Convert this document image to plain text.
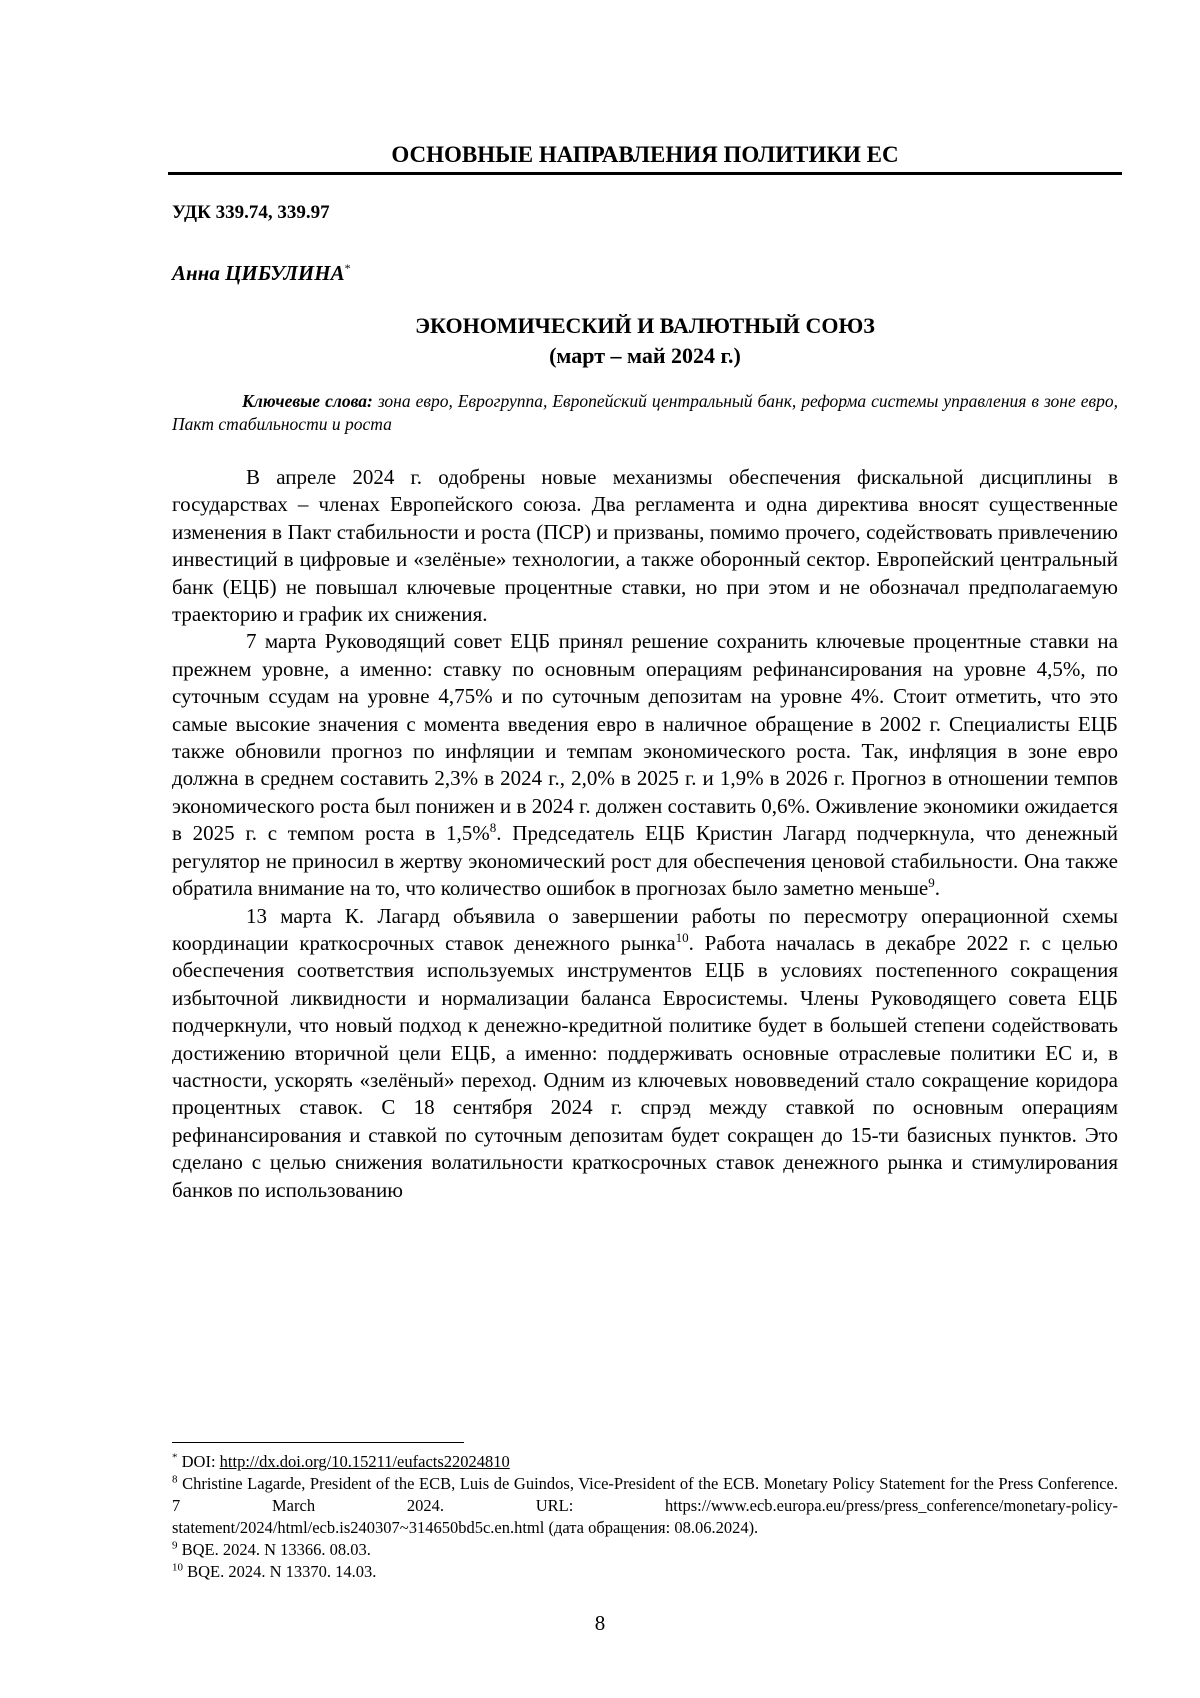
ОСНОВНЫЕ НАПРАВЛЕНИЯ ПОЛИТИКИ ЕС
УДК 339.74, 339.97
Анна ЦИБУЛИНА*
ЭКОНОМИЧЕСКИЙ И ВАЛЮТНЫЙ СОЮЗ
(март – май 2024 г.)
Ключевые слова: зона евро, Еврогруппа, Европейский центральный банк, реформа системы управления в зоне евро, Пакт стабильности и роста

В апреле 2024 г. одобрены новые механизмы обеспечения фискальной дисциплины в государствах – членах Европейского союза. Два регламента и одна директива вносят существенные изменения в Пакт стабильности и роста (ПСР) и призваны, помимо прочего, содействовать привлечению инвестиций в цифровые и «зелёные» технологии, а также оборонный сектор. Европейский центральный банк (ЕЦБ) не повышал ключевые процентные ставки, но при этом и не обозначал предполагаемую траекторию и график их снижения.

7 марта Руководящий совет ЕЦБ принял решение сохранить ключевые процентные ставки на прежнем уровне, а именно: ставку по основным операциям рефинансирования на уровне 4,5%, по суточным ссудам на уровне 4,75% и по суточным депозитам на уровне 4%. Стоит отметить, что это самые высокие значения с момента введения евро в наличное обращение в 2002 г. Специалисты ЕЦБ также обновили прогноз по инфляции и темпам экономического роста. Так, инфляция в зоне евро должна в среднем составить 2,3% в 2024 г., 2,0% в 2025 г. и 1,9% в 2026 г. Прогноз в отношении темпов экономического роста был понижен и в 2024 г. должен составить 0,6%. Оживление экономики ожидается в 2025 г. с темпом роста в 1,5%$^8$. Председатель ЕЦБ Кристин Лагард подчеркнула, что денежный регулятор не приносил в жертву экономический рост для обеспечения ценовой стабильности. Она также обратила внимание на то, что количество ошибок в прогнозах было заметно меньше$^9$.

13 марта К. Лагард объявила о завершении работы по пересмотру операционной схемы координации краткосрочных ставок денежного рынка$^{10}$. Работа началась в декабре 2022 г. с целью обеспечения соответствия используемых инструментов ЕЦБ в условиях постепенного сокращения избыточной ликвидности и нормализации баланса Евросистемы. Члены Руководящего совета ЕЦБ подчеркнули, что новый подход к денежно-кредитной политике будет в большей степени содействовать достижению вторичной цели ЕЦБ, а именно: поддерживать основные отраслевые политики ЕС и, в частности, ускорять «зелёный» переход. Одним из ключевых нововведений стало сокращение коридора процентных ставок. С 18 сентября 2024 г. спрэд между ставкой по основным операциям рефинансирования и ставкой по суточным депозитам будет сокращен до 15-ти базисных пунктов. Это сделано с целью снижения волатильности краткосрочных ставок денежного рынка и стимулирования банков по использованию

* DOI: http://dx.doi.org/10.15211/eufacts22024810

$^8$ Christine Lagarde, President of the ECB, Luis de Guindos, Vice-President of the ECB. Monetary Policy Statement for the Press Conference. 7 March 2024. URL: https://www.ecb.europa.eu/press/press_conference/monetary-policy-statement/2024/html/ecb.is240307~314650bd5c.en.html (дата обращения: 08.06.2024).

$^9$ BQE. 2024. N 13366. 08.03.

$^{10}$ BQE. 2024. N 13370. 14.03.

8
